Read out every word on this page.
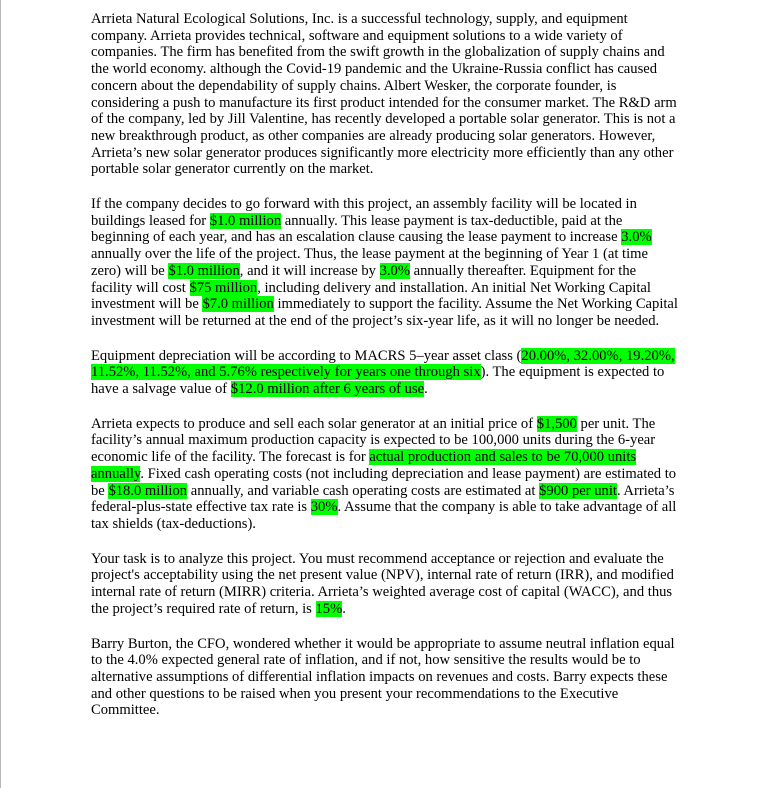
Arrieta Natural Ecological Solutions, Inc. is a successful technology, supply, and equipment company. Arrieta provides technical, software and equipment solutions to a wide variety of companies. The firm has benefited from the swift growth in the globalization of supply chains and the world economy. although the Covid-19 pandemic and the Ukraine-Russia conflict has caused concern about the dependability of supply chains. Albert Wesker, the corporate founder, is considering a push to manufacture its first product intended for the consumer market. The R&D arm of the company, led by Jill Valentine, has recently developed a portable solar generator. This is not a new breakthrough product, as other companies are already producing solar generators. However, Arrieta’s new solar generator produces significantly more electricity more efficiently than any other portable solar generator currently on the market.

If the company decides to go forward with this project, an assembly facility will be located in buildings leased for $1.0 million annually. This lease payment is tax-deductible, paid at the beginning of each year, and has an escalation clause causing the lease payment to increase 3.0% annually over the life of the project. Thus, the lease payment at the beginning of Year 1 (at time zero) will be $1.0 million, and it will increase by 3.0% annually thereafter. Equipment for the facility will cost $75 million, including delivery and installation. An initial Net Working Capital investment will be $7.0 million immediately to support the facility. Assume the Net Working Capital investment will be returned at the end of the project’s six-year life, as it will no longer be needed.

Equipment depreciation will be according to MACRS 5–year asset class (20.00%, 32.00%, 19.20%, 11.52%, 11.52%, and 5.76% respectively for years one through six). The equipment is expected to have a salvage value of $12.0 million after 6 years of use.

Arrieta expects to produce and sell each solar generator at an initial price of $1,500 per unit. The facility’s annual maximum production capacity is expected to be 100,000 units during the 6-year economic life of the facility. The forecast is for actual production and sales to be 70,000 units annually. Fixed cash operating costs (not including depreciation and lease payment) are estimated to be $18.0 million annually, and variable cash operating costs are estimated at $900 per unit. Arrieta’s federal-plus-state effective tax rate is 30%. Assume that the company is able to take advantage of all tax shields (tax-deductions).

Your task is to analyze this project. You must recommend acceptance or rejection and evaluate the project's acceptability using the net present value (NPV), internal rate of return (IRR), and modified internal rate of return (MIRR) criteria. Arrieta’s weighted average cost of capital (WACC), and thus the project’s required rate of return, is 15%.

Barry Burton, the CFO, wondered whether it would be appropriate to assume neutral inflation equal to the 4.0% expected general rate of inflation, and if not, how sensitive the results would be to alternative assumptions of differential inflation impacts on revenues and costs. Barry expects these and other questions to be raised when you present your recommendations to the Executive Committee.
